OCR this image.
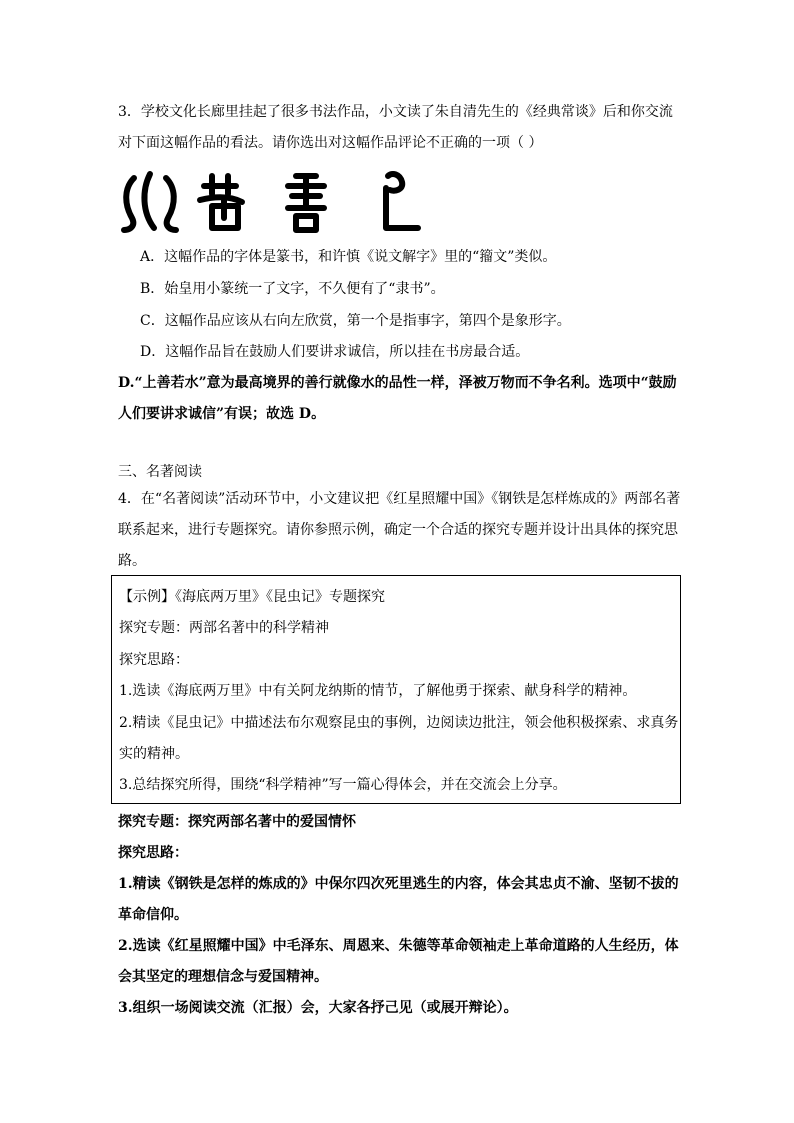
3．学校文化长廊里挂起了很多书法作品，小文读了朱自清先生的《经典常谈》后和你交流
对下面这幅作品的看法。请你选出对这幅作品评论不正确的一项（ ）
A．这幅作品的字体是篆书，和许慎《说文解字》里的“籀文”类似。
B．始皇用小篆统一了文字，不久便有了“隶书”。
C．这幅作品应该从右向左欣赏，第一个是指事字，第四个是象形字。
D．这幅作品旨在鼓励人们要讲求诚信，所以挂在书房最合适。
D.“上善若水”意为最高境界的善行就像水的品性一样，泽被万物而不争名利。选项中“鼓励
人们要讲求诚信”有误；故选 D。
三、名著阅读
4．在“名著阅读”活动环节中，小文建议把《红星照耀中国》《钢铁是怎样炼成的》两部名著
联系起来，进行专题探究。请你参照示例，确定一个合适的探究专题并设计出具体的探究思
路。
【示例】《海底两万里》《昆虫记》专题探究
探究专题：两部名著中的科学精神
探究思路：
1.选读《海底两万里》中有关阿龙纳斯的情节，了解他勇于探索、献身科学的精神。
2.精读《昆虫记》中描述法布尔观察昆虫的事例，边阅读边批注，领会他积极探索、求真务
实的精神。
3.总结探究所得，围绕“科学精神”写一篇心得体会，并在交流会上分享。
探究专题：探究两部名著中的爱国情怀
探究思路：
1.精读《钢铁是怎样的炼成的》中保尔四次死里逃生的内容，体会其忠贞不渝、坚韧不拔的
革命信仰。
2.选读《红星照耀中国》中毛泽东、周恩来、朱德等革命领袖走上革命道路的人生经历，体
会其坚定的理想信念与爱国精神。
3.组织一场阅读交流（汇报）会，大家各抒己见（或展开辩论）。
